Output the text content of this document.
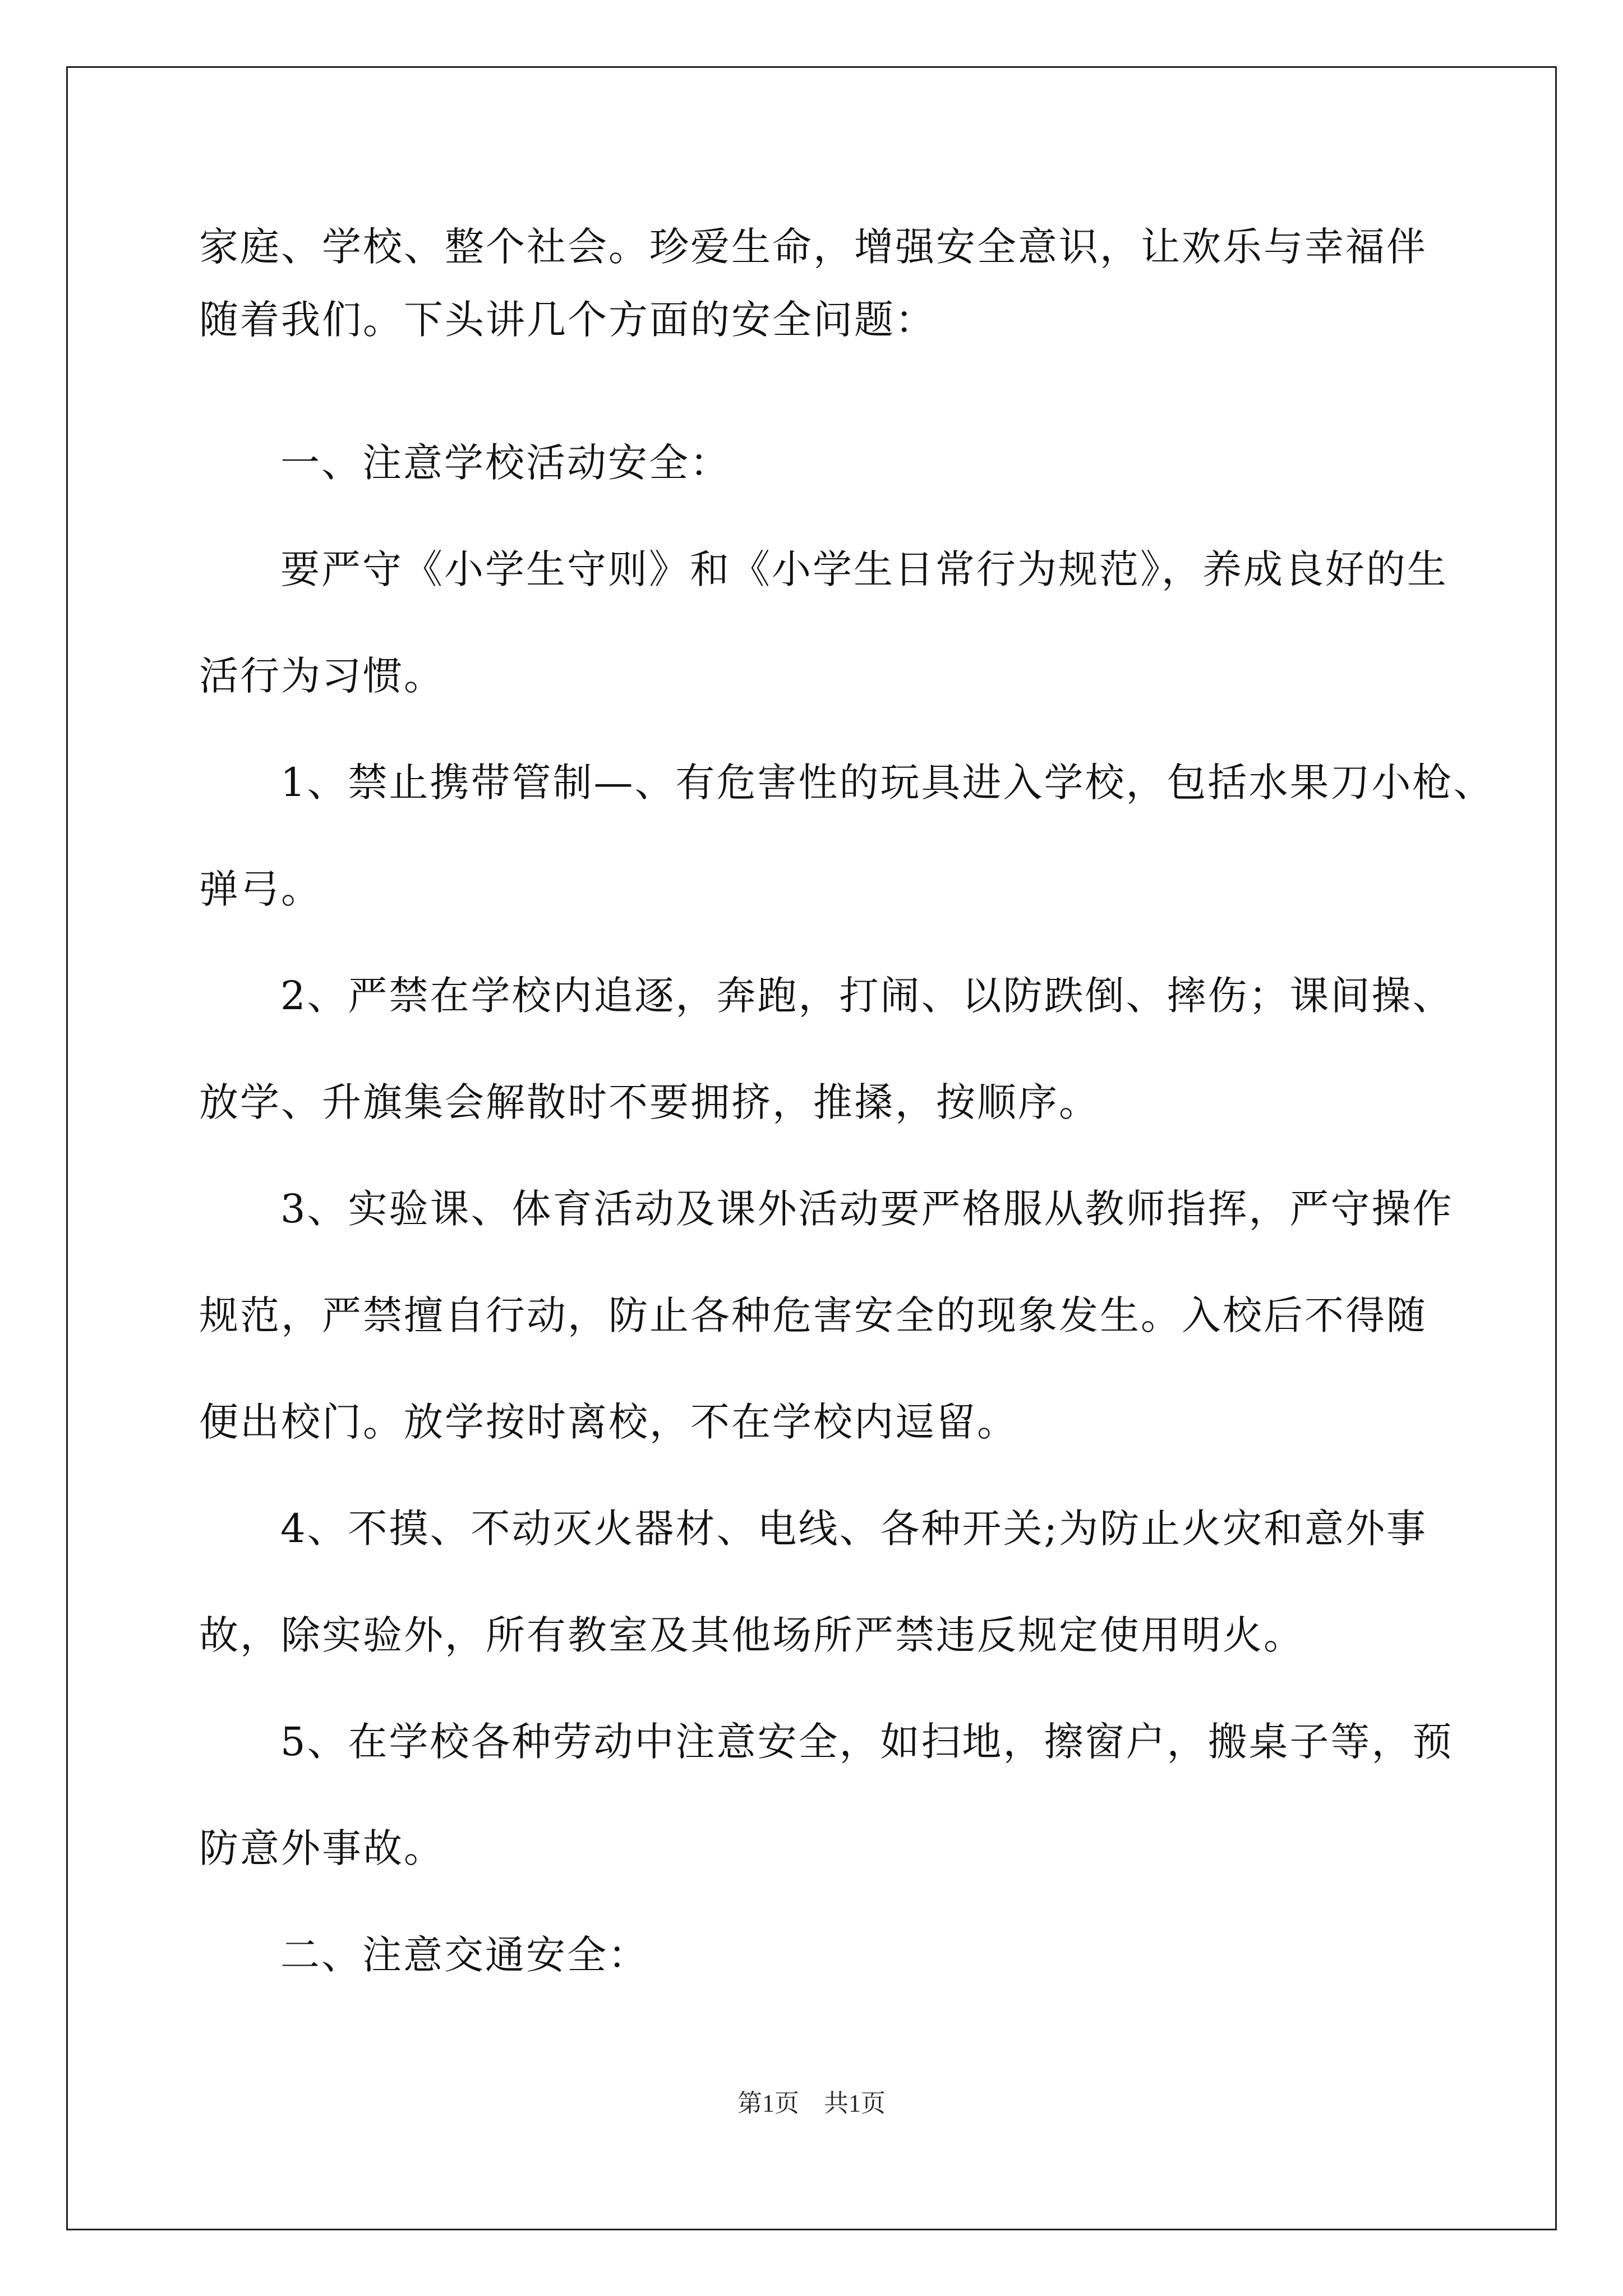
家庭、学校、整个社会。珍爱生命，增强安全意识，让欢乐与幸福伴

随着我们。下头讲几个方面的安全问题：

一、注意学校活动安全：

要严守《小学生守则》和《小学生日常行为规范》，养成良好的生

活行为习惯。

1、禁止携带管制—、有危害性的玩具进入学校，包括水果刀小枪、

弹弓。

2、严禁在学校内追逐，奔跑，打闹、以防跌倒、摔伤；课间操、

放学、升旗集会解散时不要拥挤，推搡，按顺序。

3、实验课、体育活动及课外活动要严格服从教师指挥，严守操作

规范，严禁擅自行动，防止各种危害安全的现象发生。入校后不得随

便出校门。放学按时离校，不在学校内逗留。

4、不摸、不动灭火器材、电线、各种开关;为防止火灾和意外事

故，除实验外，所有教室及其他场所严禁违反规定使用明火。

5、在学校各种劳动中注意安全，如扫地，擦窗户，搬桌子等，预

防意外事故。

二、注意交通安全：

第1页　共1页
